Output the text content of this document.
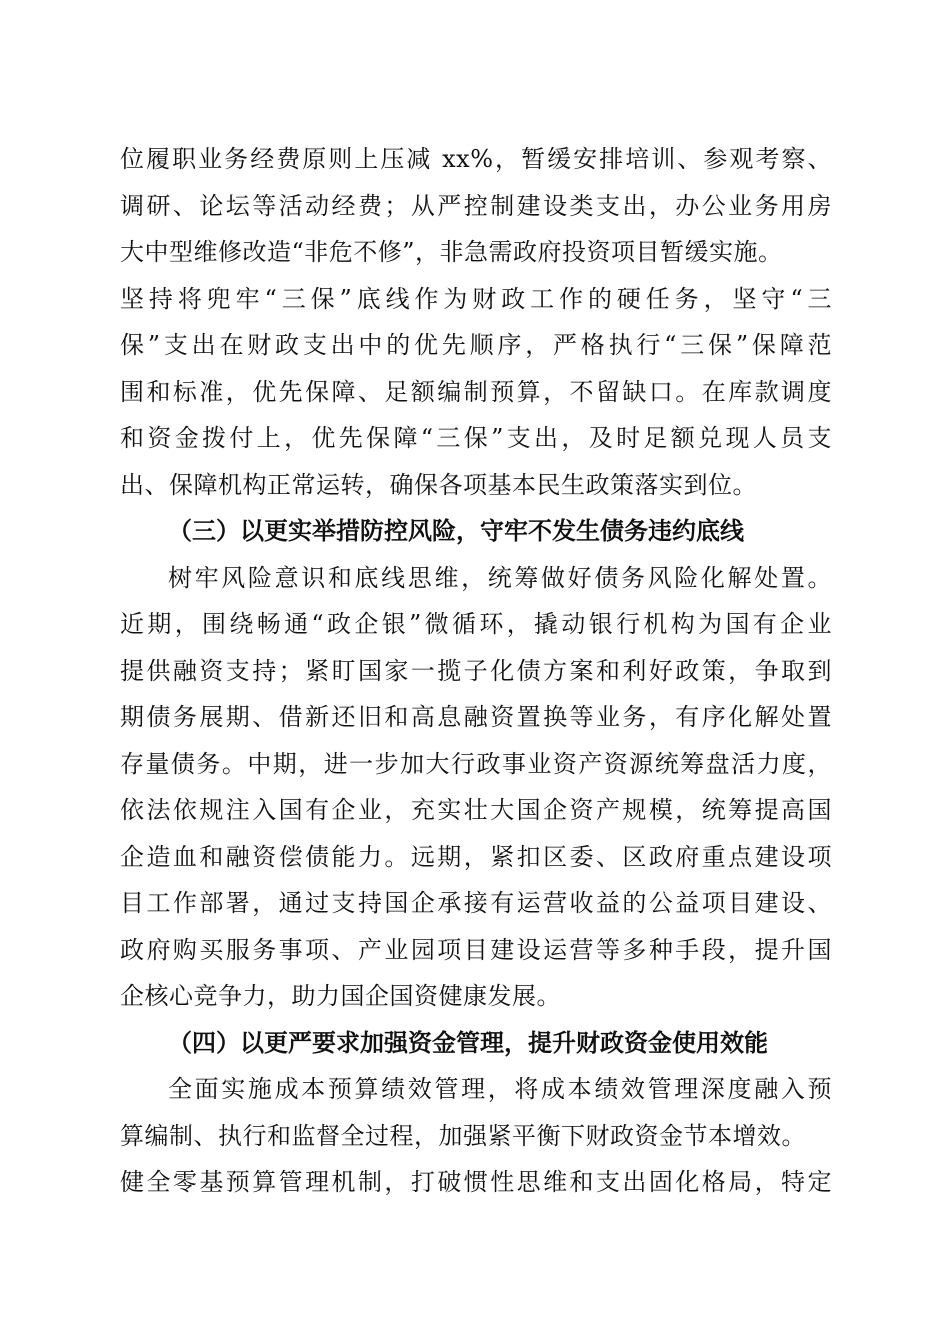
位履职业务经费原则上压减 xx%，暂缓安排培训、参观考察、
调研、论坛等活动经费；从严控制建设类支出，办公业务用房
大中型维修改造“非危不修”，非急需政府投资项目暂缓实施。
坚持将兜牢“三保”底线作为财政工作的硬任务，坚守“三
保”支出在财政支出中的优先顺序，严格执行“三保”保障范
围和标准，优先保障、足额编制预算，不留缺口。在库款调度
和资金拨付上，优先保障“三保”支出，及时足额兑现人员支
出、保障机构正常运转，确保各项基本民生政策落实到位。
（三）以更实举措防控风险，守牢不发生债务违约底线
树牢风险意识和底线思维，统筹做好债务风险化解处置。
近期，围绕畅通“政企银”微循环，撬动银行机构为国有企业
提供融资支持；紧盯国家一揽子化债方案和利好政策，争取到
期债务展期、借新还旧和高息融资置换等业务，有序化解处置
存量债务。中期，进一步加大行政事业资产资源统筹盘活力度，
依法依规注入国有企业，充实壮大国企资产规模，统筹提高国
企造血和融资偿债能力。远期，紧扣区委、区政府重点建设项
目工作部署，通过支持国企承接有运营收益的公益项目建设、
政府购买服务事项、产业园项目建设运营等多种手段，提升国
企核心竞争力，助力国企国资健康发展。
（四）以更严要求加强资金管理，提升财政资金使用效能
全面实施成本预算绩效管理，将成本绩效管理深度融入预
算编制、执行和监督全过程，加强紧平衡下财政资金节本增效。
健全零基预算管理机制，打破惯性思维和支出固化格局，特定
